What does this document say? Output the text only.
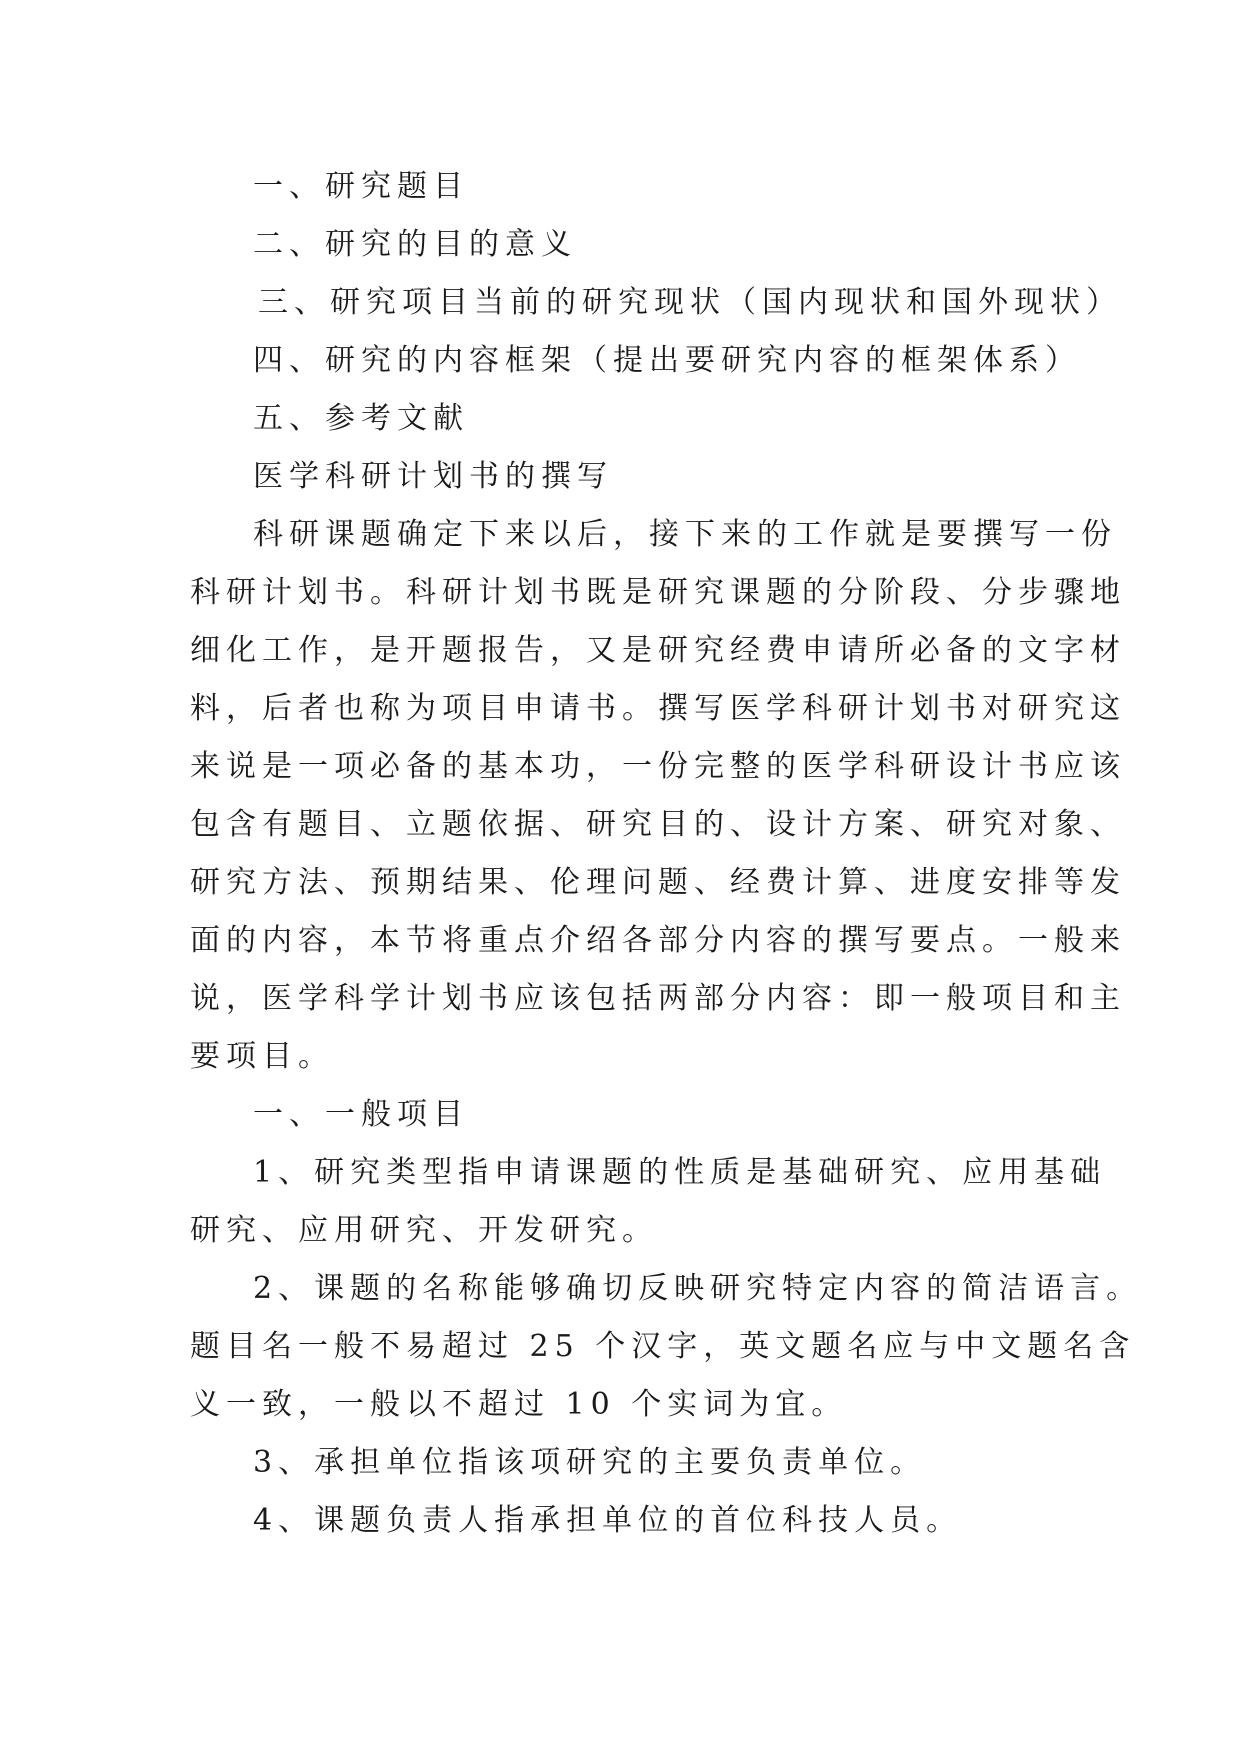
一、研究题目
二、研究的目的意义
三、研究项目当前的研究现状（国内现状和国外现状）
四、研究的内容框架（提出要研究内容的框架体系）
五、参考文献
医学科研计划书的撰写
科研课题确定下来以后，接下来的工作就是要撰写一份
科研计划书。科研计划书既是研究课题的分阶段、分步骤地
细化工作，是开题报告，又是研究经费申请所必备的文字材
料，后者也称为项目申请书。撰写医学科研计划书对研究这
来说是一项必备的基本功，一份完整的医学科研设计书应该
包含有题目、立题依据、研究目的、设计方案、研究对象、
研究方法、预期结果、伦理问题、经费计算、进度安排等发
面的内容，本节将重点介绍各部分内容的撰写要点。一般来
说，医学科学计划书应该包括两部分内容：即一般项目和主
要项目。
一、一般项目
1、研究类型指申请课题的性质是基础研究、应用基础
研究、应用研究、开发研究。
2、课题的名称能够确切反映研究特定内容的简洁语言。
题目名一般不易超过 25 个汉字，英文题名应与中文题名含
义一致，一般以不超过 10 个实词为宜。
3、承担单位指该项研究的主要负责单位。
4、课题负责人指承担单位的首位科技人员。
